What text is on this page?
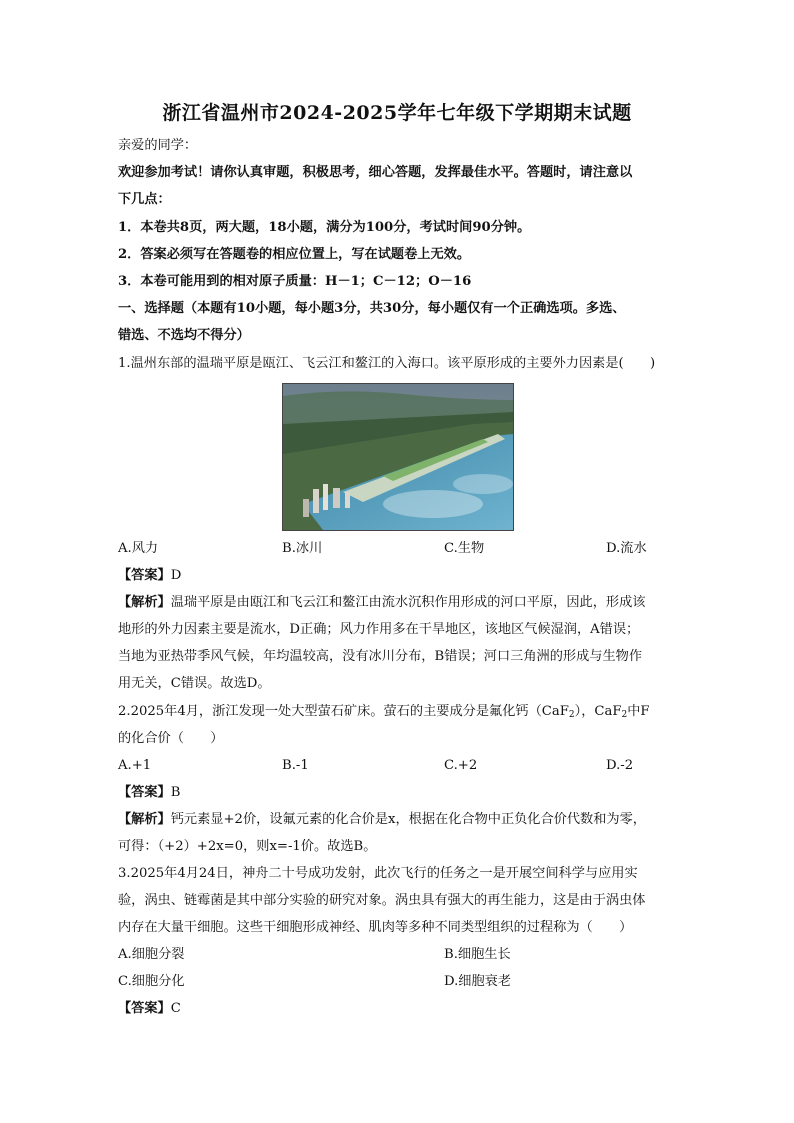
浙江省温州市2024-2025学年七年级下学期期末试题
亲爱的同学：
欢迎参加考试！请你认真审题，积极思考，细心答题，发挥最佳水平。答题时，请注意以
下几点：
1．本卷共8页，两大题，18小题，满分为100分，考试时间90分钟。
2．答案必须写在答题卷的相应位置上，写在试题卷上无效。
3．本卷可能用到的相对原子质量：H－1；C－12；O－16
一、选择题（本题有10小题，每小题3分，共30分，每小题仅有一个正确选项。多选、
错选、不选均不得分）
1.温州东部的温瑞平原是瓯江、飞云江和鳌江的入海口。该平原形成的主要外力因素是(　　)
A.风力	B.冰川	C.生物	D.流水
【答案】D
【解析】温瑞平原是由瓯江和飞云江和鳌江由流水沉积作用形成的河口平原，因此，形成该
地形的外力因素主要是流水，D正确；风力作用多在干旱地区，该地区气候湿润，A错误；
当地为亚热带季风气候，年均温较高，没有冰川分布，B错误；河口三角洲的形成与生物作
用无关，C错误。故选D。
2.2025年4月，浙江发现一处大型萤石矿床。萤石的主要成分是氟化钙（CaF$_2$），CaF$_2$中F
的化合价（　　）
A.+1	B.-1	C.+2	D.-2
【答案】B
【解析】钙元素显+2价，设氟元素的化合价是x，根据在化合物中正负化合价代数和为零，
可得：（+2）+2x=0，则x=-1价。故选B。
3.2025年4月24日，神舟二十号成功发射，此次飞行的任务之一是开展空间科学与应用实
验，涡虫、链霉菌是其中部分实验的研究对象。涡虫具有强大的再生能力，这是由于涡虫体
内存在大量干细胞。这些干细胞形成神经、肌肉等多种不同类型组织的过程称为（　　）
A.细胞分裂	B.细胞生长
C.细胞分化	D.细胞衰老
【答案】C
